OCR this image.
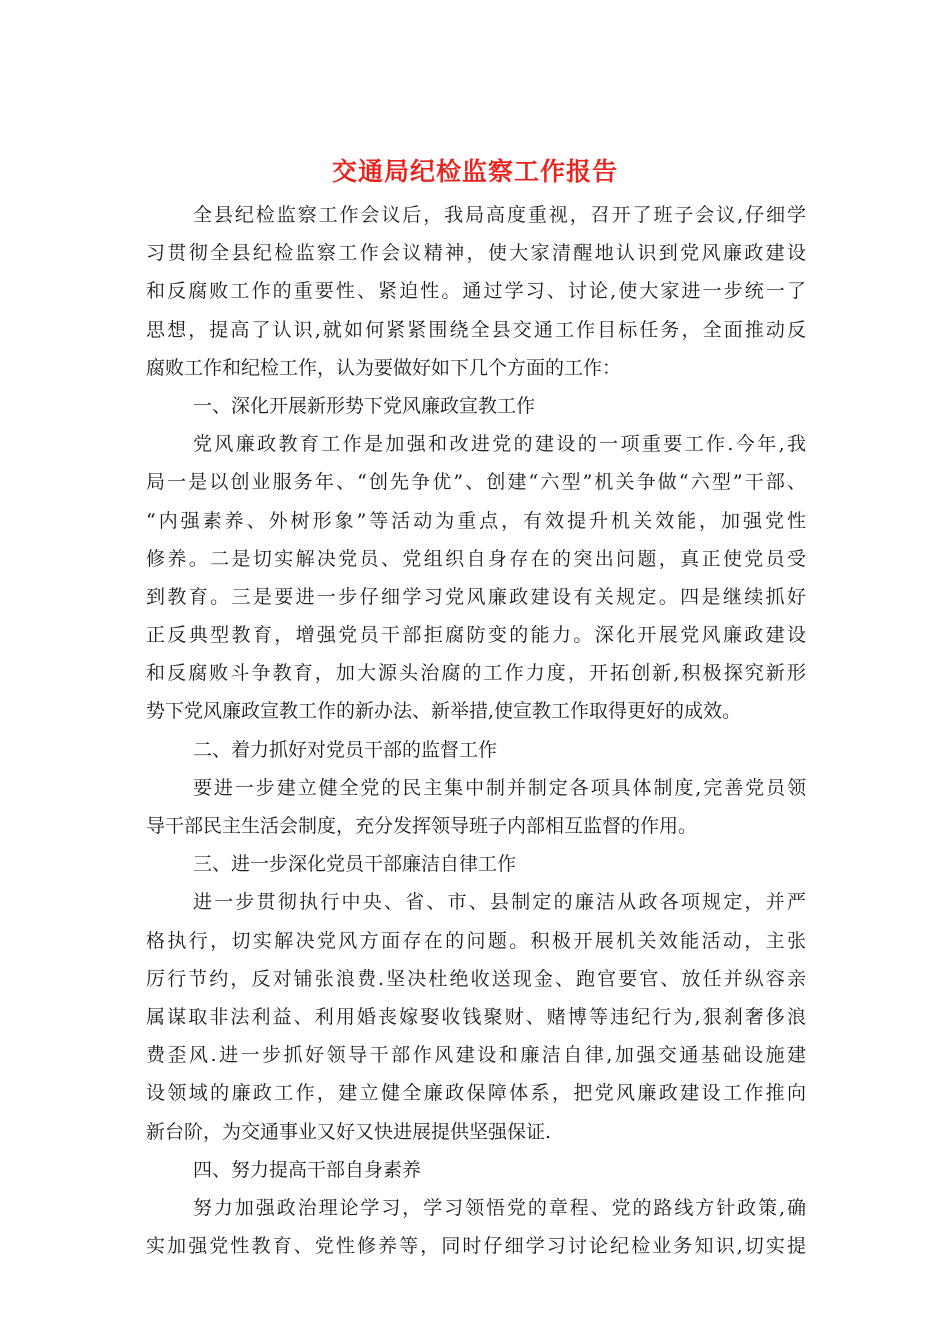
交通局纪检监察工作报告
全县纪检监察工作会议后，我局高度重视，召开了班子会议,仔细学
习贯彻全县纪检监察工作会议精神，使大家清醒地认识到党风廉政建设
和反腐败工作的重要性、紧迫性。通过学习、讨论,使大家进一步统一了
思想，提高了认识,就如何紧紧围绕全县交通工作目标任务，全面推动反
腐败工作和纪检工作，认为要做好如下几个方面的工作：
一、深化开展新形势下党风廉政宣教工作
党风廉政教育工作是加强和改进党的建设的一项重要工作.今年,我
局一是以创业服务年、“创先争优”、创建“六型”机关争做“六型”干部、
“内强素养、外树形象”等活动为重点，有效提升机关效能，加强党性
修养。二是切实解决党员、党组织自身存在的突出问题，真正使党员受
到教育。三是要进一步仔细学习党风廉政建设有关规定。四是继续抓好
正反典型教育，增强党员干部拒腐防变的能力。深化开展党风廉政建设
和反腐败斗争教育，加大源头治腐的工作力度，开拓创新,积极探究新形
势下党风廉政宣教工作的新办法、新举措,使宣教工作取得更好的成效。
二、着力抓好对党员干部的监督工作
要进一步建立健全党的民主集中制并制定各项具体制度,完善党员领
导干部民主生活会制度，充分发挥领导班子内部相互监督的作用。
三、进一步深化党员干部廉洁自律工作
进一步贯彻执行中央、省、市、县制定的廉洁从政各项规定，并严
格执行，切实解决党风方面存在的问题。积极开展机关效能活动，主张
厉行节约，反对铺张浪费.坚决杜绝收送现金、跑官要官、放任并纵容亲
属谋取非法利益、利用婚丧嫁娶收钱聚财、赌博等违纪行为,狠刹奢侈浪
费歪风.进一步抓好领导干部作风建设和廉洁自律,加强交通基础设施建
设领域的廉政工作，建立健全廉政保障体系，把党风廉政建设工作推向
新台阶，为交通事业又好又快进展提供坚强保证.
四、努力提高干部自身素养
努力加强政治理论学习，学习领悟党的章程、党的路线方针政策,确
实加强党性教育、党性修养等，同时仔细学习讨论纪检业务知识,切实提
